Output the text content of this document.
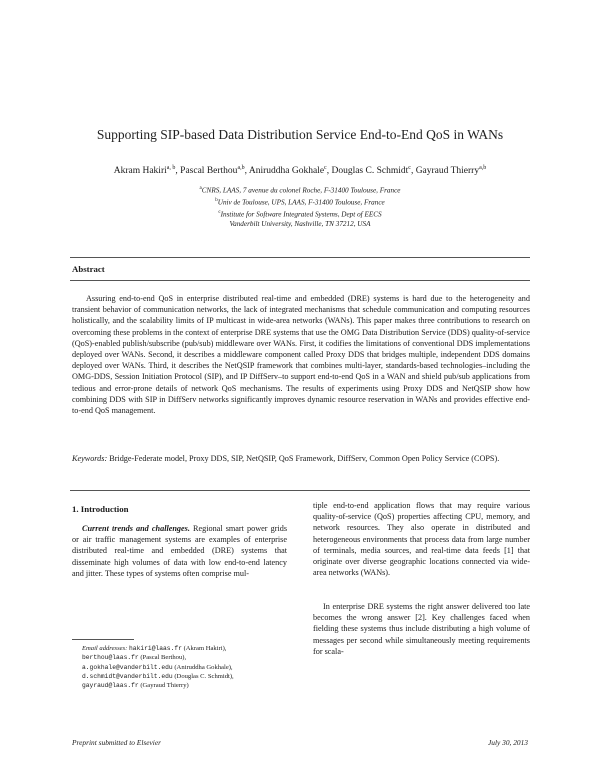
Supporting SIP-based Data Distribution Service End-to-End QoS in WANs
Akram Hakiri$^{a, b}$, Pascal Berthou$^{a,b}$, Aniruddha Gokhale$^c$, Douglas C. Schmidt$^c$, Gayraud Thierry$^{a,b}$
$^a$CNRS, LAAS, 7 avenue du colonel Roche, F-31400 Toulouse, France
$^b$Univ de Toulouse, UPS, LAAS, F-31400 Toulouse, France
$^c$Institute for Software Integrated Systems, Dept of EECS
Vanderbilt University, Nashville, TN 37212, USA
Abstract

Assuring end-to-end QoS in enterprise distributed real-time and embedded (DRE) systems is hard due to the heterogeneity and transient behavior of communication networks, the lack of integrated mechanisms that schedule communication and computing resources holistically, and the scalability limits of IP multicast in wide-area networks (WANs). This paper makes three contributions to research on overcoming these problems in the context of enterprise DRE systems that use the OMG Data Distribution Service (DDS) quality-of-service (QoS)-enabled publish/subscribe (pub/sub) middleware over WANs. First, it codifies the limitations of conventional DDS implementations deployed over WANs. Second, it describes a middleware component called Proxy DDS that bridges multiple, independent DDS domains deployed over WANs. Third, it describes the NetQSIP framework that combines multi-layer, standards-based technologies–including the OMG-DDS, Session Initiation Protocol (SIP), and IP DiffServ–to support end-to-end QoS in a WAN and shield pub/sub applications from tedious and error-prone details of network QoS mechanisms. The results of experiments using Proxy DDS and NetQSIP show how combining DDS with SIP in DiffServ networks significantly improves dynamic resource reservation in WANs and provides effective end-to-end QoS management.

Keywords: Bridge-Federate model, Proxy DDS, SIP, NetQSIP, QoS Framework, DiffServ, Common Open Policy Service (COPS).

1. Introduction

Current trends and challenges. Regional smart power grids or air traffic management systems are examples of enterprise distributed real-time and embedded (DRE) systems that disseminate high volumes of data with low end-to-end latency and jitter. These types of systems often comprise mul-

tiple end-to-end application flows that may require various quality-of-service (QoS) properties affecting CPU, memory, and network resources. They also operate in distributed and heterogeneous environments that process data from large number of terminals, media sources, and real-time data feeds [1] that originate over diverse geographic locations connected via wide-area networks (WANs).

In enterprise DRE systems the right answer delivered too late becomes the wrong answer [2]. Key challenges faced when fielding these systems thus include distributing a high volume of messages per second while simultaneously meeting requirements for scala-

Email addresses: hakiri@laas.fr (Akram Hakiri),
berthou@laas.fr (Pascal Berthou),
a.gokhale@vanderbilt.edu (Aniruddha Gokhale),
d.schmidt@vanderbilt.edu (Douglas C. Schmidt),
gayraud@laas.fr (Gayraud Thierry)
Preprint submitted to Elsevier	July 30, 2013
